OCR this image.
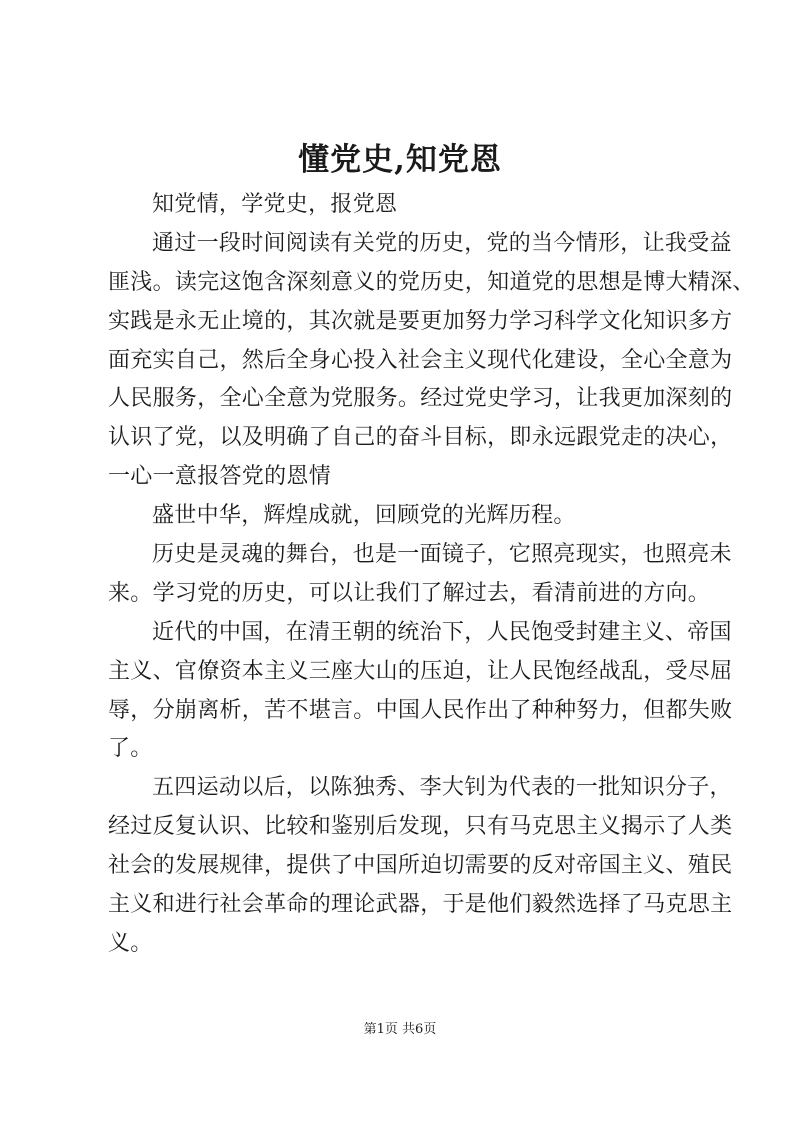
懂党史,知党恩
知党情，学党史，报党恩
通过一段时间阅读有关党的历史，党的当今情形，让我受益
匪浅。读完这饱含深刻意义的党历史，知道党的思想是博大精深、
实践是永无止境的，其次就是要更加努力学习科学文化知识多方
面充实自己，然后全身心投入社会主义现代化建设，全心全意为
人民服务，全心全意为党服务。经过党史学习，让我更加深刻的
认识了党，以及明确了自己的奋斗目标，即永远跟党走的决心，
一心一意报答党的恩情
盛世中华，辉煌成就，回顾党的光辉历程。
历史是灵魂的舞台，也是一面镜子，它照亮现实，也照亮未
来。学习党的历史，可以让我们了解过去，看清前进的方向。
近代的中国，在清王朝的统治下，人民饱受封建主义、帝国
主义、官僚资本主义三座大山的压迫，让人民饱经战乱，受尽屈
辱，分崩离析，苦不堪言。中国人民作出了种种努力，但都失败
了。
五四运动以后，以陈独秀、李大钊为代表的一批知识分子，
经过反复认识、比较和鉴别后发现，只有马克思主义揭示了人类
社会的发展规律，提供了中国所迫切需要的反对帝国主义、殖民
主义和进行社会革命的理论武器，于是他们毅然选择了马克思主
义。
第1页 共6页
